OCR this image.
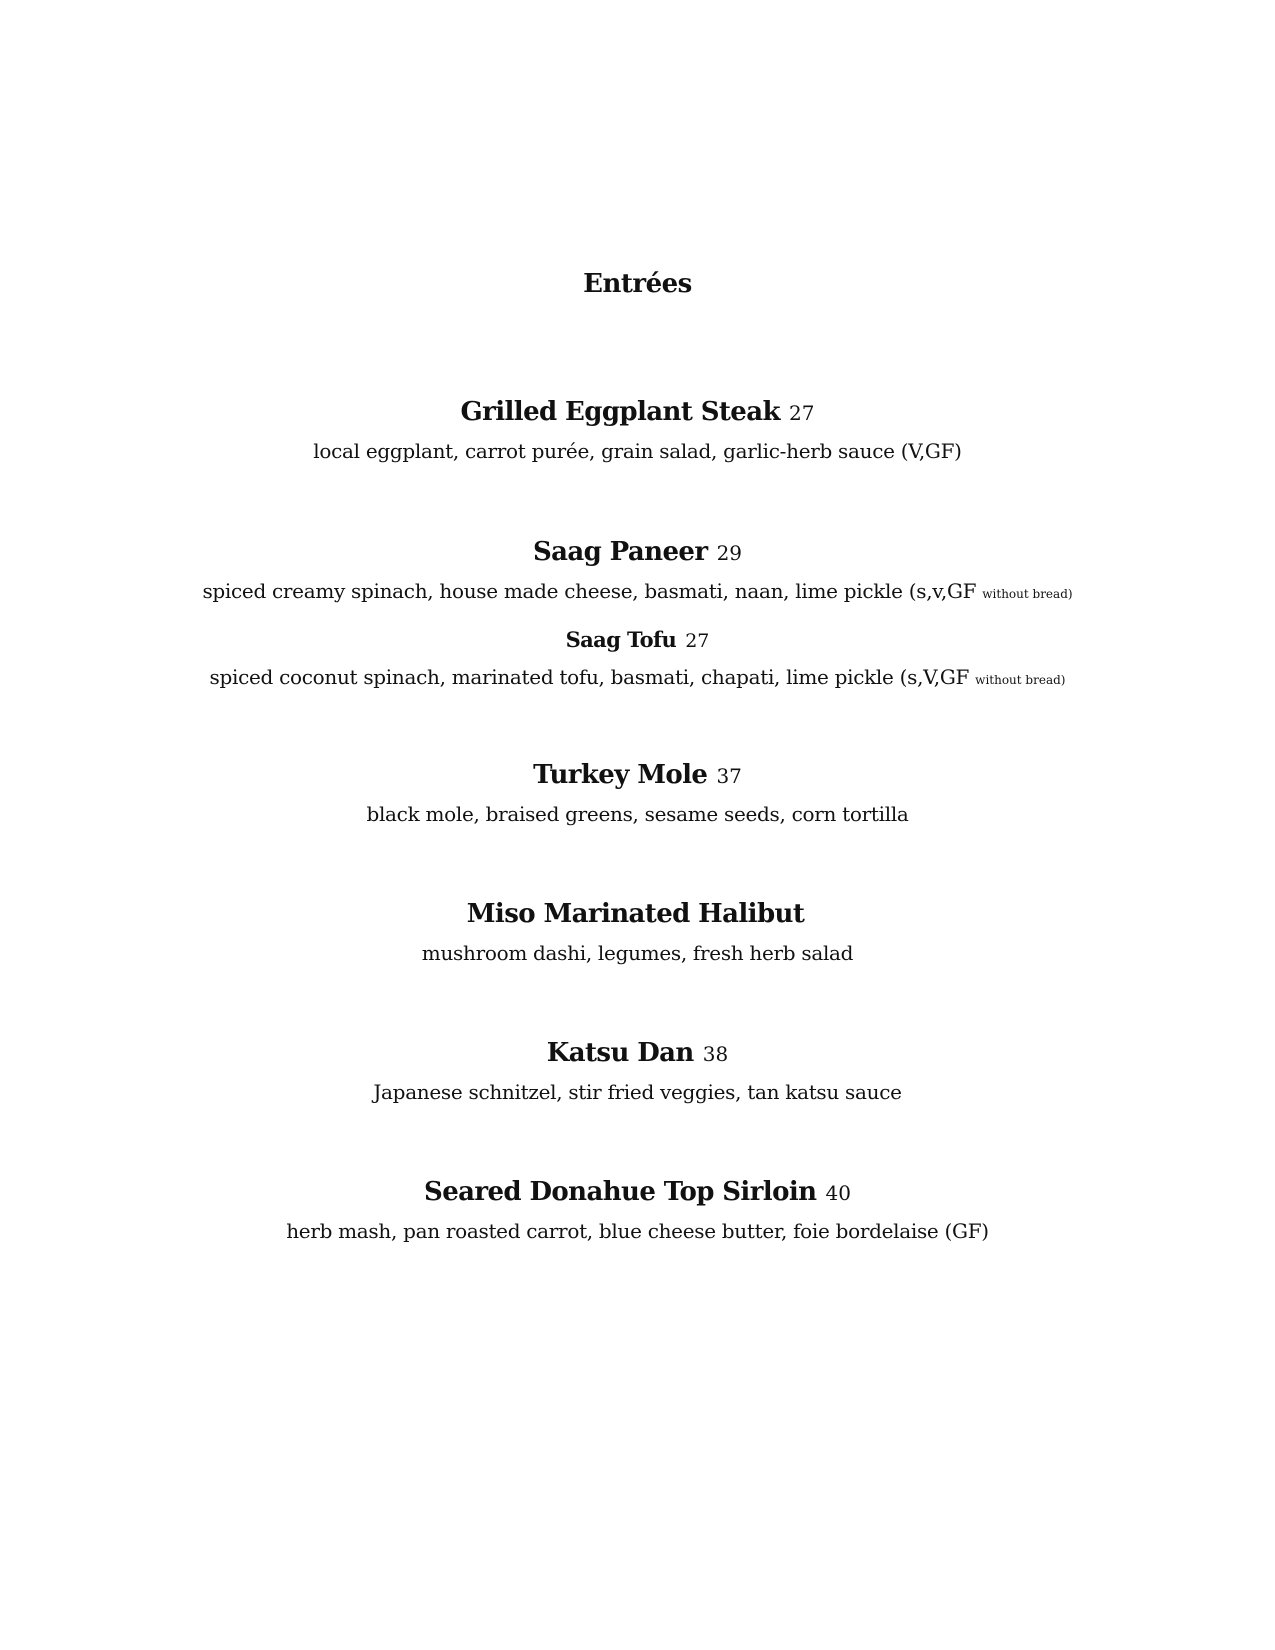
Entrées
Grilled Eggplant Steak 27
local eggplant, carrot purée, grain salad, garlic-herb sauce (V,GF)
Saag Paneer 29
spiced creamy spinach, house made cheese, basmati, naan, lime pickle (s,v,GF without bread)
Saag Tofu 27
spiced coconut spinach, marinated tofu, basmati, chapati, lime pickle (s,V,GF without bread)
Turkey Mole 37
black mole, braised greens, sesame seeds, corn tortilla
Miso Marinated Halibut
mushroom dashi, legumes, fresh herb salad
Katsu Dan 38
Japanese schnitzel, stir fried veggies, tan katsu sauce
Seared Donahue Top Sirloin 40
herb mash, pan roasted carrot, blue cheese butter, foie bordelaise (GF)
